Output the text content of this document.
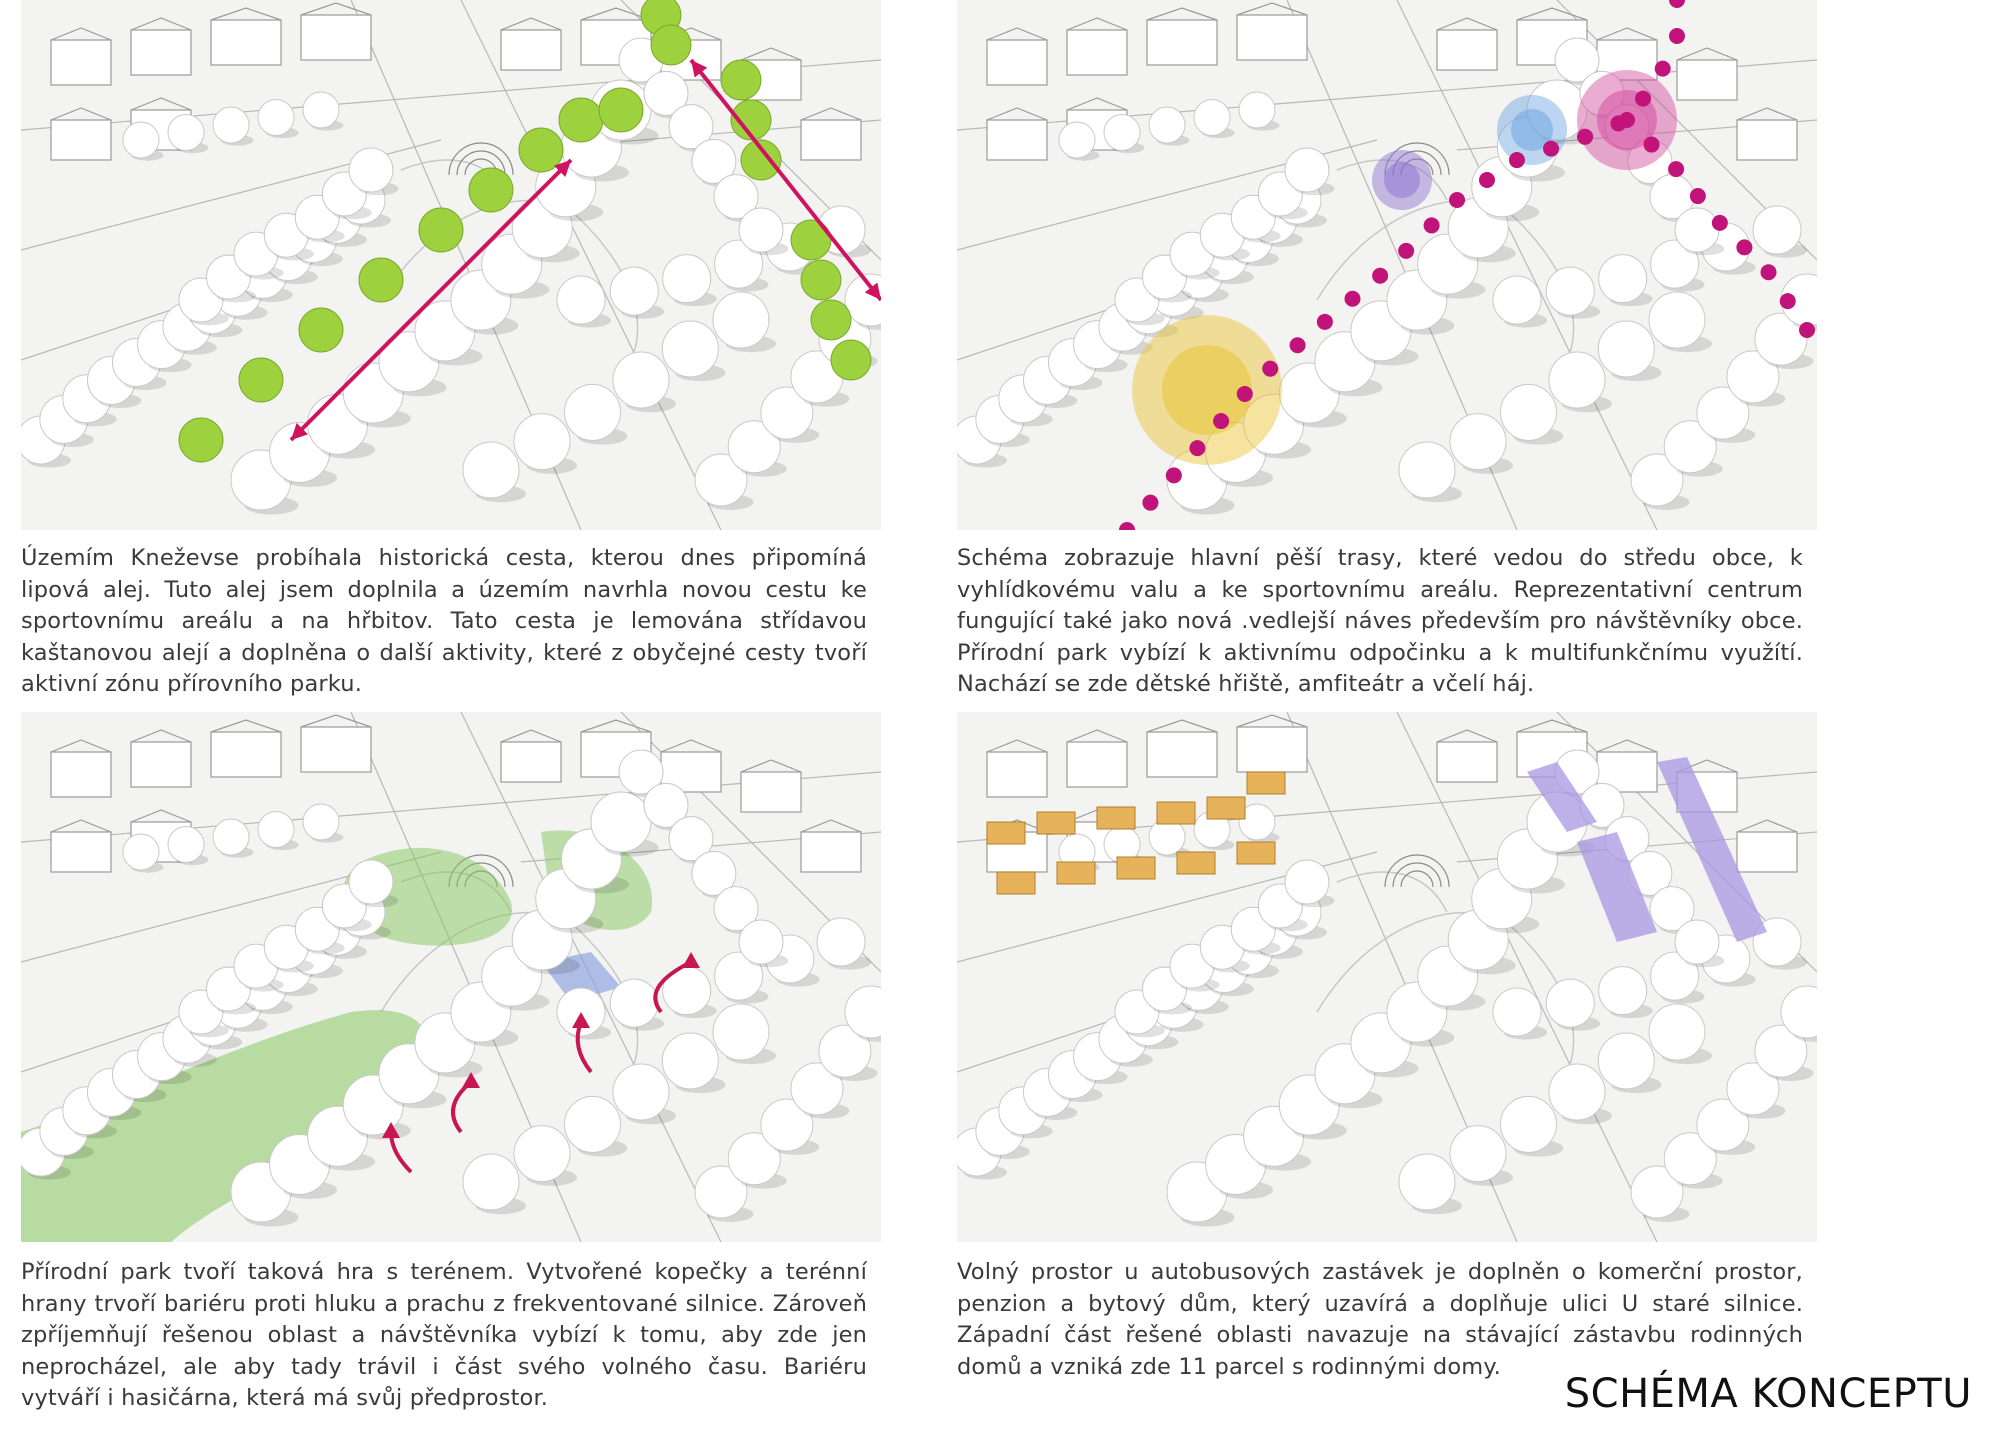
Územím Kneževse probíhala historická cesta, kterou dnes připomíná lipová alej. Tuto alej jsem doplnila a územím navrhla novou cestu ke sportovnímu areálu a na hřbitov. Tato cesta je lemována střídavou kaštanovou alejí a doplněna o další aktivity, které z obyčejné cesty tvoří aktivní zónu přírovního parku.

Schéma zobrazuje hlavní pěší trasy, které vedou do středu obce, k vyhlídkovému valu a ke sportovnímu areálu. Reprezentativní centrum fungující také jako nová .vedlejší náves především pro návštěvníky obce. Přírodní park vybízí k aktivnímu odpočinku a k multifunkčnímu využítí. Nachází se zde dětské hřiště, amfiteátr a včelí háj.

Přírodní park tvoří taková hra s terénem. Vytvořené kopečky a terénní hrany trvoří bariéru proti hluku a prachu z frekventované silnice. Zároveň zpříjemňují řešenou oblast a návštěvníka vybízí k tomu, aby zde jen neprocházel, ale aby tady trávil i část svého volného času. Bariéru vytváří i hasičárna, která má svůj předprostor.

Volný prostor u autobusových zastávek je doplněn o komerční prostor, penzion a bytový dům, který uzavírá a doplňuje ulici U staré silnice. Západní část řešené oblasti navazuje na stávající zástavbu rodinných domů a vzniká zde 11 parcel s rodinnými domy.

SCHÉMA KONCEPTU
